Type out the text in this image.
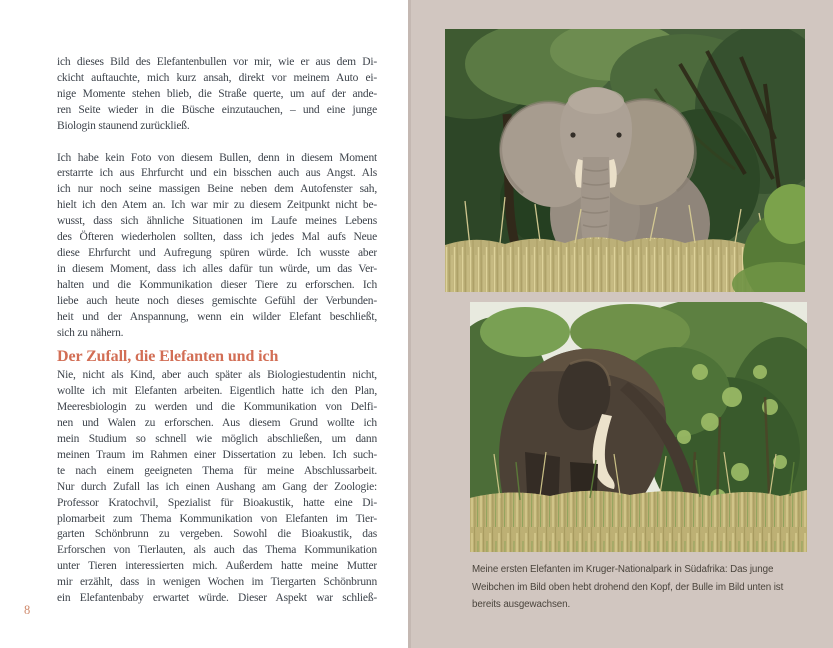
Meine ersten Elefanten im Kruger-Nationalpark in Südafrika: Das junge
Weibchen im Bild oben hebt drohend den Kopf, der Bulle im Bild unten ist
bereits ausgewachsen.
ich dieses Bild des Elefantenbullen vor mir, wie er aus dem Di-
ckicht auftauchte, mich kurz ansah, direkt vor meinem Auto ei-
nige Momente stehen blieb, die Straße querte, um auf der ande-
ren Seite wieder in die Büsche einzutauchen, – und eine junge
Biologin staunend zurückließ.
Ich habe kein Foto von diesem Bullen, denn in diesem Moment
erstarrte ich aus Ehrfurcht und ein bisschen auch aus Angst. Als
ich nur noch seine massigen Beine neben dem Autofenster sah,
hielt ich den Atem an. Ich war mir zu diesem Zeitpunkt nicht be-
wusst, dass sich ähnliche Situationen im Laufe meines Lebens
des Öfteren wiederholen sollten, dass ich jedes Mal aufs Neue
diese Ehrfurcht und Aufregung spüren würde. Ich wusste aber
in diesem Moment, dass ich alles dafür tun würde, um das Ver-
halten und die Kommunikation dieser Tiere zu erforschen. Ich
liebe auch heute noch dieses gemischte Gefühl der Verbunden-
heit und der Anspannung, wenn ein wilder Elefant beschließt,
sich zu nähern.
Der Zufall, die Elefanten und ich
Nie, nicht als Kind, aber auch später als Biologiestudentin nicht,
wollte ich mit Elefanten arbeiten. Eigentlich hatte ich den Plan,
Meeresbiologin zu werden und die Kommunikation von Delfi-
nen und Walen zu erforschen. Aus diesem Grund wollte ich
mein Studium so schnell wie möglich abschließen, um dann
meinen Traum im Rahmen einer Dissertation zu leben. Ich such-
te nach einem geeigneten Thema für meine Abschlussarbeit.
Nur durch Zufall las ich einen Aushang am Gang der Zoologie:
Professor Kratochvil, Spezialist für Bioakustik, hatte eine Di-
plomarbeit zum Thema Kommunikation von Elefanten im Tier-
garten Schönbrunn zu vergeben. Sowohl die Bioakustik, das
Erforschen von Tierlauten, als auch das Thema Kommunikation
unter Tieren interessierten mich. Außerdem hatte meine Mutter
mir erzählt, dass in wenigen Wochen im Tiergarten Schönbrunn
ein Elefantenbaby erwartet würde. Dieser Aspekt war schließ-
8
